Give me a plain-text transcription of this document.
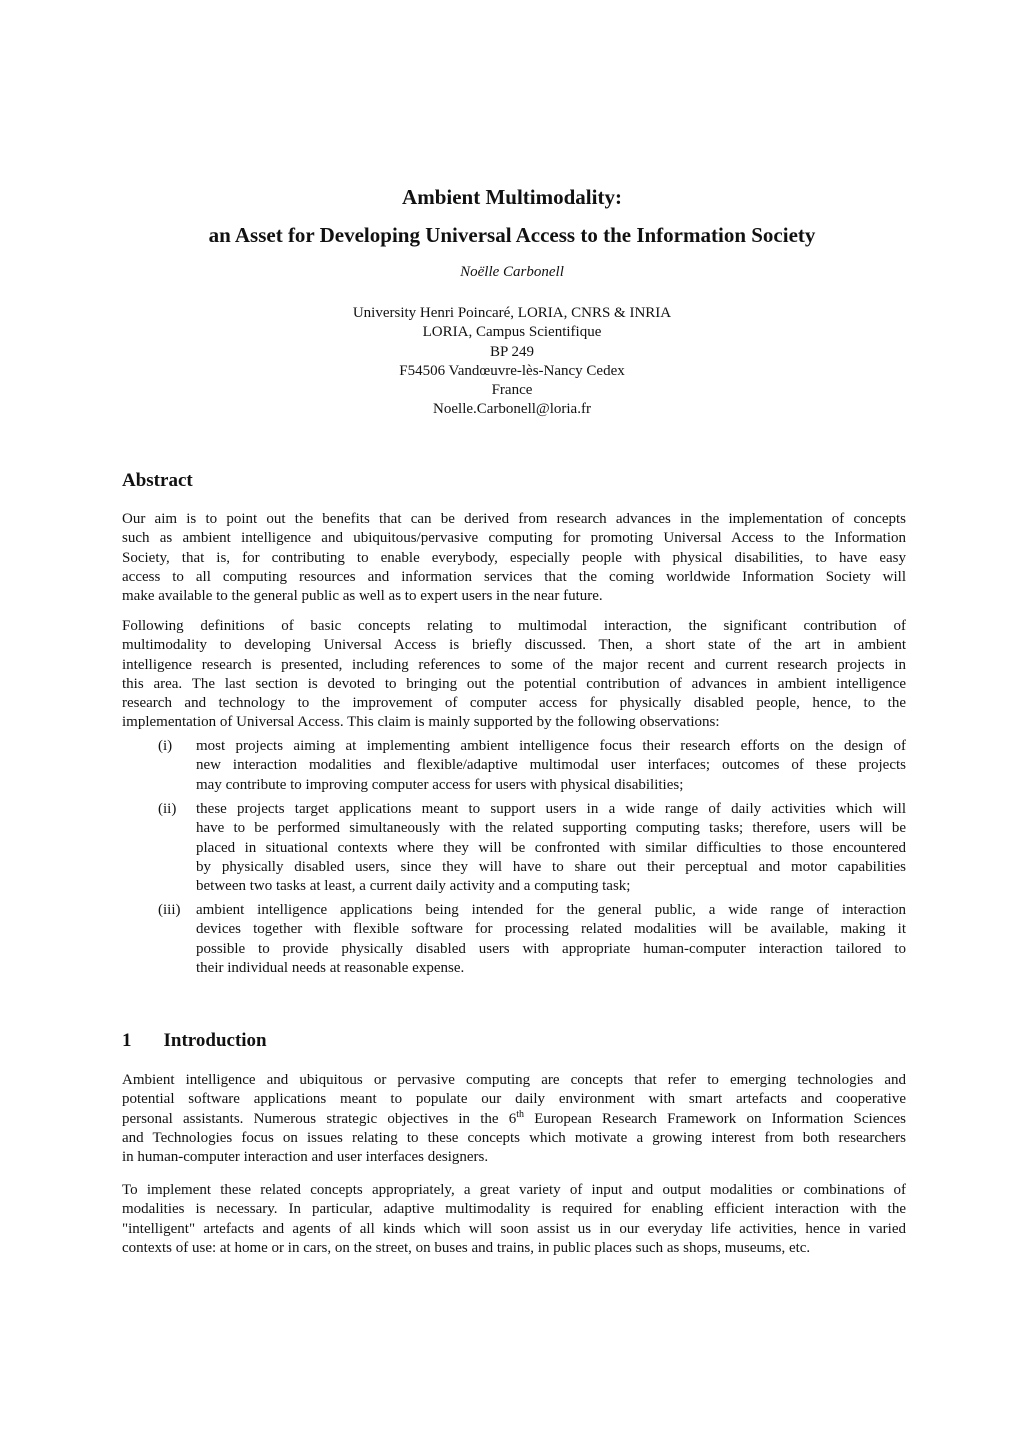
Ambient Multimodality:
an Asset for Developing Universal Access to the Information Society
Noëlle Carbonell
University Henri Poincaré, LORIA, CNRS & INRIA
LORIA, Campus Scientifique
BP 249
F54506 Vandœuvre-lès-Nancy Cedex
France
Noelle.Carbonell@loria.fr
Abstract
Our aim is to point out the benefits that can be derived from research advances in the implementation of concepts
such as ambient intelligence and ubiquitous/pervasive computing for promoting Universal Access to the Information
Society, that is, for contributing to enable everybody, especially people with physical disabilities, to have easy
access to all computing resources and information services that the coming worldwide Information Society will
make available to the general public as well as to expert users in the near future.
Following definitions of basic concepts relating to multimodal interaction, the significant contribution of
multimodality to developing Universal Access is briefly discussed. Then, a short state of the art in ambient
intelligence research is presented, including references to some of the major recent and current research projects in
this area. The last section is devoted to bringing out the potential contribution of advances in ambient intelligence
research and technology to the improvement of computer access for physically disabled people, hence, to the
implementation of Universal Access. This claim is mainly supported by the following observations:
(i) most projects aiming at implementing ambient intelligence focus their research efforts on the design of
new interaction modalities and flexible/adaptive multimodal user interfaces; outcomes of these projects
may contribute to improving computer access for users with physical disabilities;
(ii) these projects target applications meant to support users in a wide range of daily activities which will
have to be performed simultaneously with the related supporting computing tasks; therefore, users will be
placed in situational contexts where they will be confronted with similar difficulties to those encountered
by physically disabled users, since they will have to share out their perceptual and motor capabilities
between two tasks at least, a current daily activity and a computing task;
(iii) ambient intelligence applications being intended for the general public, a wide range of interaction
devices together with flexible software for processing related modalities will be available, making it
possible to provide physically disabled users with appropriate human-computer interaction tailored to
their individual needs at reasonable expense.
1 Introduction
Ambient intelligence and ubiquitous or pervasive computing are concepts that refer to emerging technologies and
potential software applications meant to populate our daily environment with smart artefacts and cooperative
personal assistants. Numerous strategic objectives in the 6th European Research Framework on Information Sciences
and Technologies focus on issues relating to these concepts which motivate a growing interest from both researchers
in human-computer interaction and user interfaces designers.
To implement these related concepts appropriately, a great variety of input and output modalities or combinations of
modalities is necessary. In particular, adaptive multimodality is required for enabling efficient interaction with the
"intelligent" artefacts and agents of all kinds which will soon assist us in our everyday life activities, hence in varied
contexts of use: at home or in cars, on the street, on buses and trains, in public places such as shops, museums, etc.
